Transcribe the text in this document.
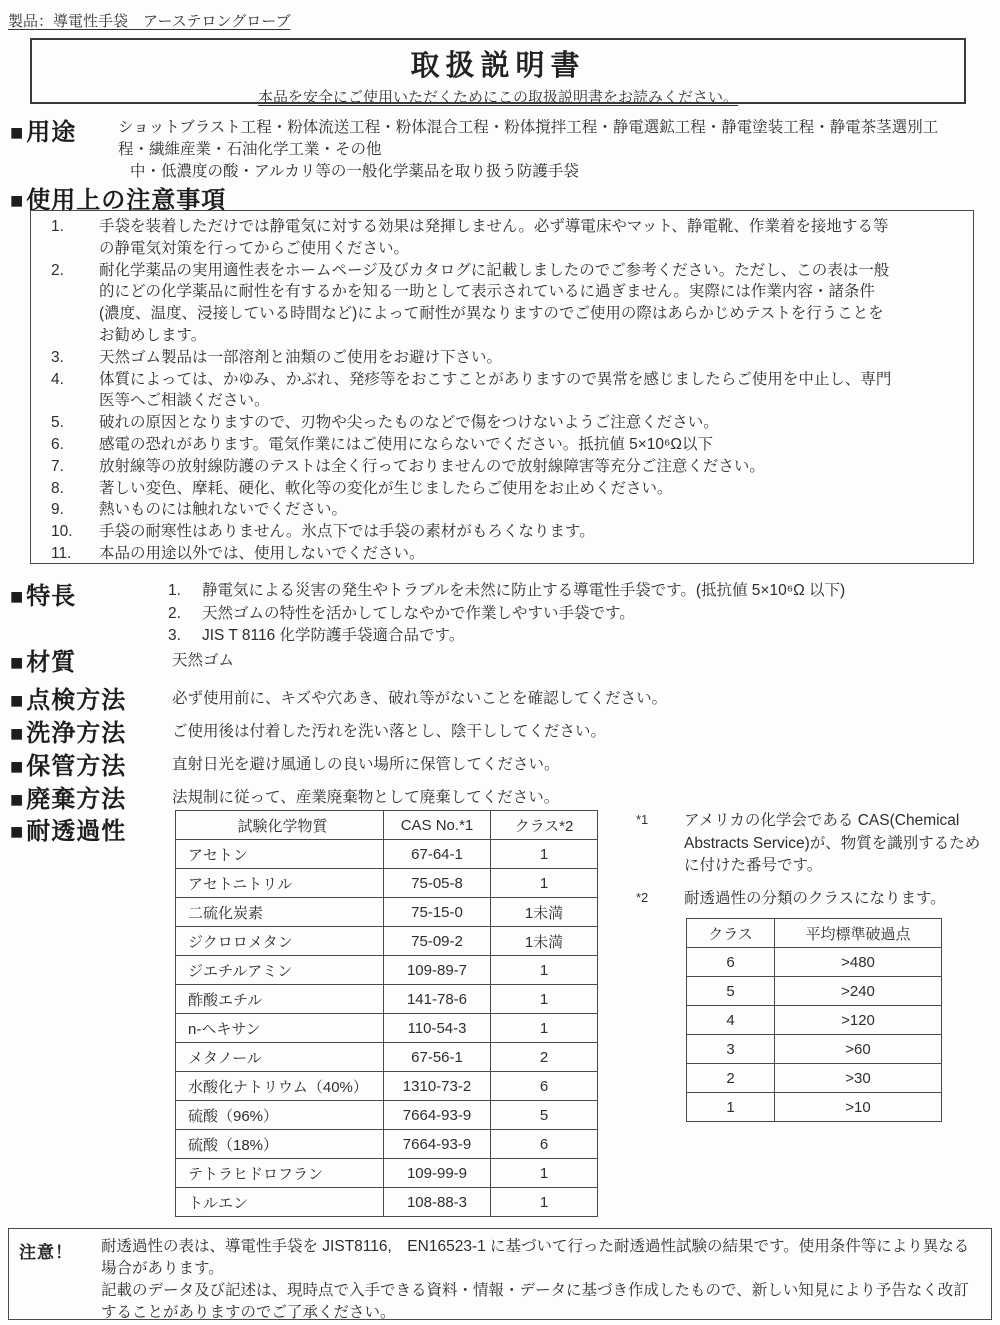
製品：導電性手袋　アーステロングローブ
取扱説明書
本品を安全にご使用いただくためにこの取扱説明書をお読みください。
■用途	ショットブラスト工程・粉体流送工程・粉体混合工程・粉体撹拌工程・静電選鉱工程・静電塗装工程・静電茶茎選別工程・繊維産業・石油化学工業・その他
中・低濃度の酸・アルカリ等の一般化学薬品を取り扱う防護手袋
■使用上の注意事項
1.	手袋を装着しただけでは静電気に対する効果は発揮しません。必ず導電床やマット、静電靴、作業着を接地する等の静電気対策を行ってからご使用ください。
2.	耐化学薬品の実用適性表をホームページ及びカタログに記載しましたのでご参考ください。ただし、この表は一般的にどの化学薬品に耐性を有するかを知る一助として表示されているに過ぎません。実際には作業内容・諸条件(濃度、温度、浸接している時間など)によって耐性が異なりますのでご使用の際はあらかじめテストを行うことをお勧めします。
3.	天然ゴム製品は一部溶剤と油類のご使用をお避け下さい。
4.	体質によっては、かゆみ、かぶれ、発疹等をおこすことがありますので異常を感じましたらご使用を中止し、専門医等へご相談ください。
5.	破れの原因となりますので、刃物や尖ったものなどで傷をつけないようご注意ください。
6.	感電の恐れがあります。電気作業にはご使用にならないでください。抵抗値 5×10⁶Ω以下
7.	放射線等の放射線防護のテストは全く行っておりませんので放射線障害等充分ご注意ください。
8.	著しい変色、摩耗、硬化、軟化等の変化が生じましたらご使用をお止めください。
9.	熱いものには触れないでください。
10.	手袋の耐寒性はありません。氷点下では手袋の素材がもろくなります。
11.	本品の用途以外では、使用しないでください。
■特長	1.	静電気による災害の発生やトラブルを未然に防止する導電性手袋です。(抵抗値 5×10⁶Ω 以下)
2.	天然ゴムの特性を活かしてしなやかで作業しやすい手袋です。
3.	JIS T 8116 化学防護手袋適合品です。
■材質	天然ゴム
■点検方法	必ず使用前に、キズや穴あき、破れ等がないことを確認してください。
■洗浄方法	ご使用後は付着した汚れを洗い落とし、陰干ししてください。
■保管方法	直射日光を避け風通しの良い場所に保管してください。
■廃棄方法	法規制に従って、産業廃棄物として廃棄してください。
■耐透過性	試験化学物質	CAS No.*1	クラス*2
アセトン	67-64-1	1
アセトニトリル	75-05-8	1
二硫化炭素	75-15-0	1未満
ジクロロメタン	75-09-2	1未満
ジエチルアミン	109-89-7	1
酢酸エチル	141-78-6	1
n-ヘキサン	110-54-3	1
メタノール	67-56-1	2
水酸化ナトリウム（40%）	1310-73-2	6
硫酸（96%）	7664-93-9	5
硫酸（18%）	7664-93-9	6
テトラヒドロフラン	109-99-9	1
トルエン	108-88-3	1
*1 アメリカの化学会である CAS(Chemical Abstracts Service)が、物質を識別するために付けた番号です。
*2 耐透過性の分類のクラスになります。
クラス	平均標準破過点
6	>480
5	>240
4	>120
3	>60
2	>30
1	>10
注意！ 耐透過性の表は、導電性手袋を JIST8116,　EN16523-1 に基づいて行った耐透過性試験の結果です。使用条件等により異なる場合があります。
記載のデータ及び記述は、現時点で入手できる資料・情報・データに基づき作成したもので、新しい知見により予告なく改訂することがありますのでご了承ください。
